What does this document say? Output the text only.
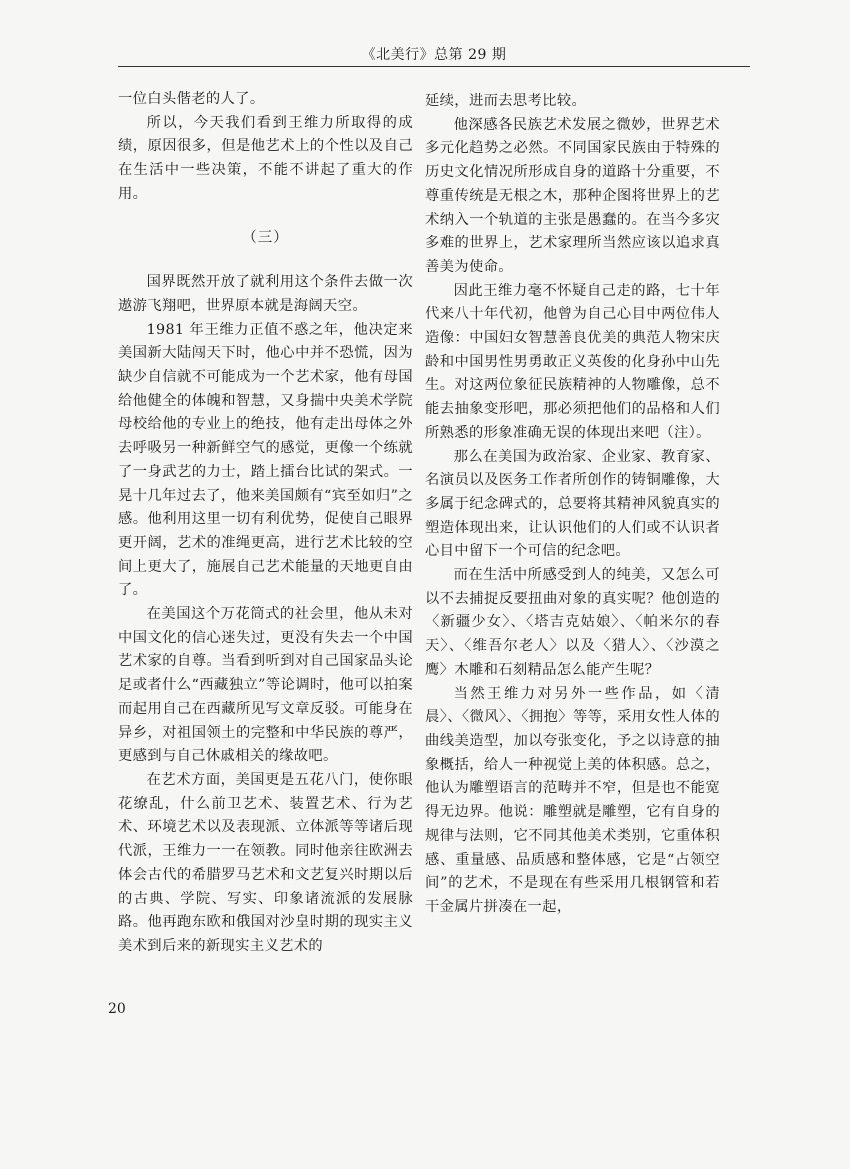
《北美行》总第 29 期

一位白头偕老的人了。

所以，今天我们看到王维力所取得的成绩，原因很多，但是他艺术上的个性以及自己在生活中一些决策，不能不讲起了重大的作用。

（三）

国界既然开放了就利用这个条件去做一次遨游飞翔吧，世界原本就是海阔天空。

1981 年王维力正值不惑之年，他决定来美国新大陆闯天下时，他心中并不恐慌，因为缺少自信就不可能成为一个艺术家，他有母国给他健全的体魄和智慧，又身揣中央美术学院母校给他的专业上的绝技，他有走出母体之外去呼吸另一种新鲜空气的感觉，更像一个练就了一身武艺的力士，踏上擂台比试的架式。一晃十几年过去了，他来美国颇有“宾至如归”之感。他利用这里一切有利优势，促使自己眼界更开阔，艺术的准绳更高，进行艺术比较的空间上更大了，施展自己艺术能量的天地更自由了。

在美国这个万花筒式的社会里，他从未对中国文化的信心迷失过，更没有失去一个中国艺术家的自尊。当看到听到对自己国家品头论足或者什么“西藏独立”等论调时，他可以拍案而起用自己在西藏所见写文章反驳。可能身在异乡，对祖国领土的完整和中华民族的尊严，更感到与自己休戚相关的缘故吧。

在艺术方面，美国更是五花八门，使你眼花缭乱，什么前卫艺术、装置艺术、行为艺术、环境艺术以及表现派、立体派等等诸后现代派，王维力一一在领教。同时他亲往欧洲去体会古代的希腊罗马艺术和文艺复兴时期以后的古典、学院、写实、印象诸流派的发展脉路。他再跑东欧和俄国对沙皇时期的现实主义美术到后来的新现实主义艺术的

延续，进而去思考比较。

他深感各民族艺术发展之微妙，世界艺术多元化趋势之必然。不同国家民族由于特殊的历史文化情况所形成自身的道路十分重要，不尊重传统是无根之木，那种企图将世界上的艺术纳入一个轨道的主张是愚蠢的。在当今多灾多难的世界上，艺术家理所当然应该以追求真善美为使命。

因此王维力毫不怀疑自己走的路，七十年代来八十年代初，他曾为自己心目中两位伟人造像：中国妇女智慧善良优美的典范人物宋庆龄和中国男性男勇敢正义英俊的化身孙中山先生。对这两位象征民族精神的人物雕像，总不能去抽象变形吧，那必须把他们的品格和人们所熟悉的形象准确无误的体现出来吧（注）。

那么在美国为政治家、企业家、教育家、名演员以及医务工作者所创作的铸铜雕像，大多属于纪念碑式的，总要将其精神风貌真实的塑造体现出来，让认识他们的人们或不认识者心目中留下一个可信的纪念吧。

而在生活中所感受到人的纯美，又怎么可以不去捕捉反要扭曲对象的真实呢？他创造的〈新疆少女〉、〈塔吉克姑娘〉、〈帕米尔的春天〉、〈维吾尔老人〉以及〈猎人〉、〈沙漠之鹰〉木雕和石刻精品怎么能产生呢？

当然王维力对另外一些作品，如〈清晨〉、〈微风〉、〈拥抱〉等等，采用女性人体的曲线美造型，加以夸张变化，予之以诗意的抽象概括，给人一种视觉上美的体积感。总之，他认为雕塑语言的范畴并不窄，但是也不能宽得无边界。他说：雕塑就是雕塑，它有自身的规律与法则，它不同其他美术类别，它重体积感、重量感、品质感和整体感，它是“占领空间”的艺术，不是现在有些采用几根钢管和若干金属片拼凑在一起，

20
